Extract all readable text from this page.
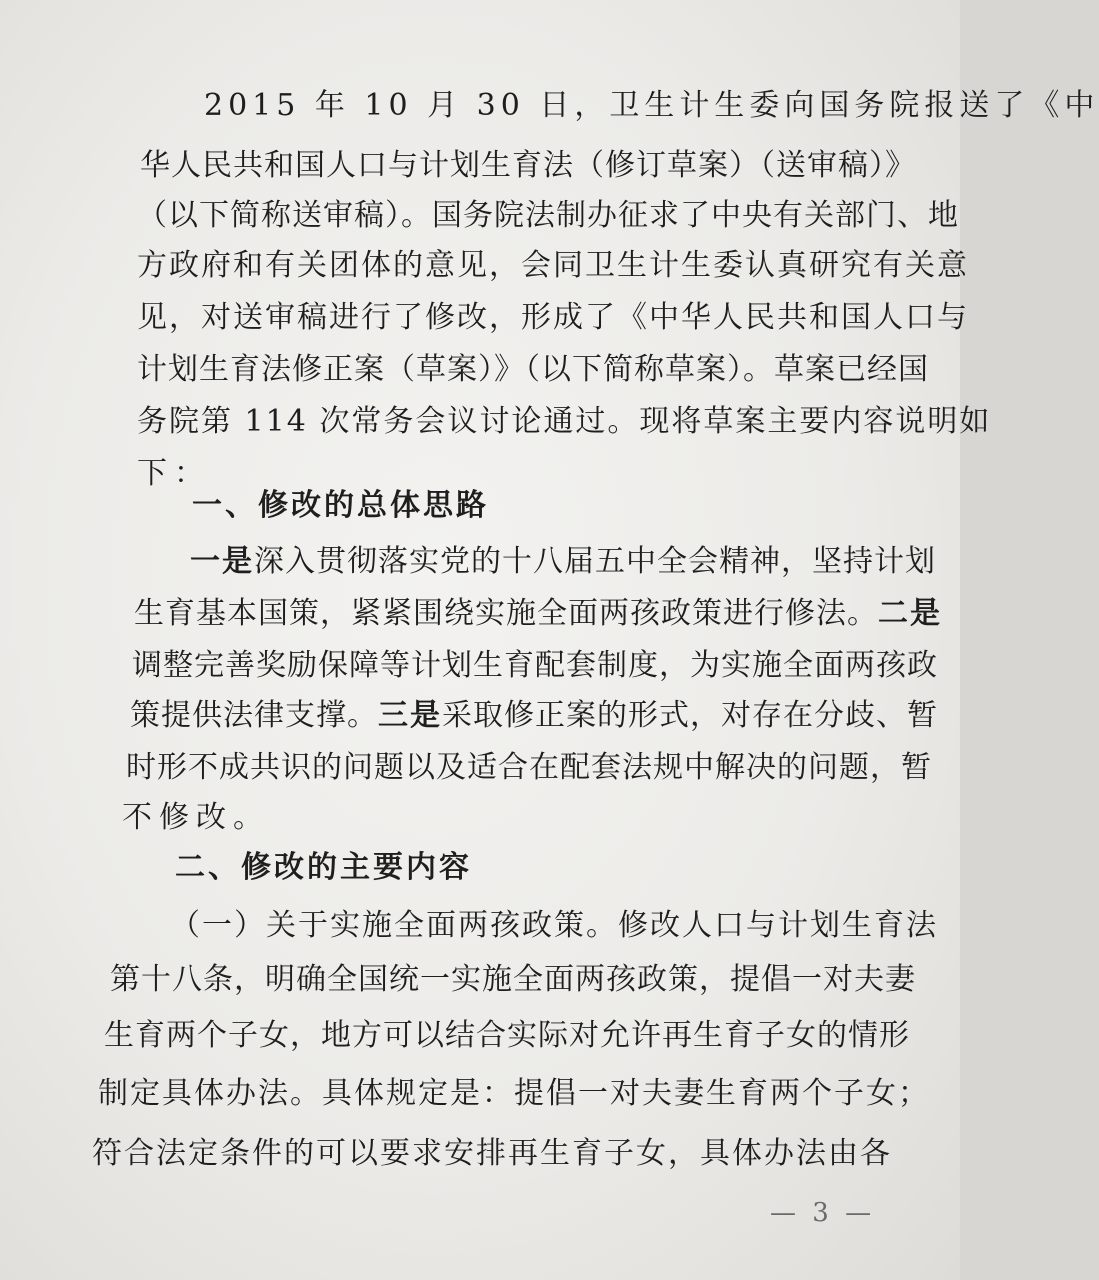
2015 年 10 月 30 日，卫生计生委向国务院报送了《中
华人民共和国人口与计划生育法（修订草案）（送审稿）》
（以下简称送审稿）。国务院法制办征求了中央有关部门、地
方政府和有关团体的意见，会同卫生计生委认真研究有关意
见，对送审稿进行了修改，形成了《中华人民共和国人口与
计划生育法修正案（草案）》（以下简称草案）。草案已经国
务院第 114 次常务会议讨论通过。现将草案主要内容说明如
下：
一、修改的总体思路
一是深入贯彻落实党的十八届五中全会精神，坚持计划
生育基本国策，紧紧围绕实施全面两孩政策进行修法。二是
调整完善奖励保障等计划生育配套制度，为实施全面两孩政
策提供法律支撑。三是采取修正案的形式，对存在分歧、暂
时形不成共识的问题以及适合在配套法规中解决的问题，暂
不修改。
二、修改的主要内容
（一）关于实施全面两孩政策。修改人口与计划生育法
第十八条，明确全国统一实施全面两孩政策，提倡一对夫妻
生育两个子女，地方可以结合实际对允许再生育子女的情形
制定具体办法。具体规定是：提倡一对夫妻生育两个子女；
符合法定条件的可以要求安排再生育子女，具体办法由各
— 3 —
